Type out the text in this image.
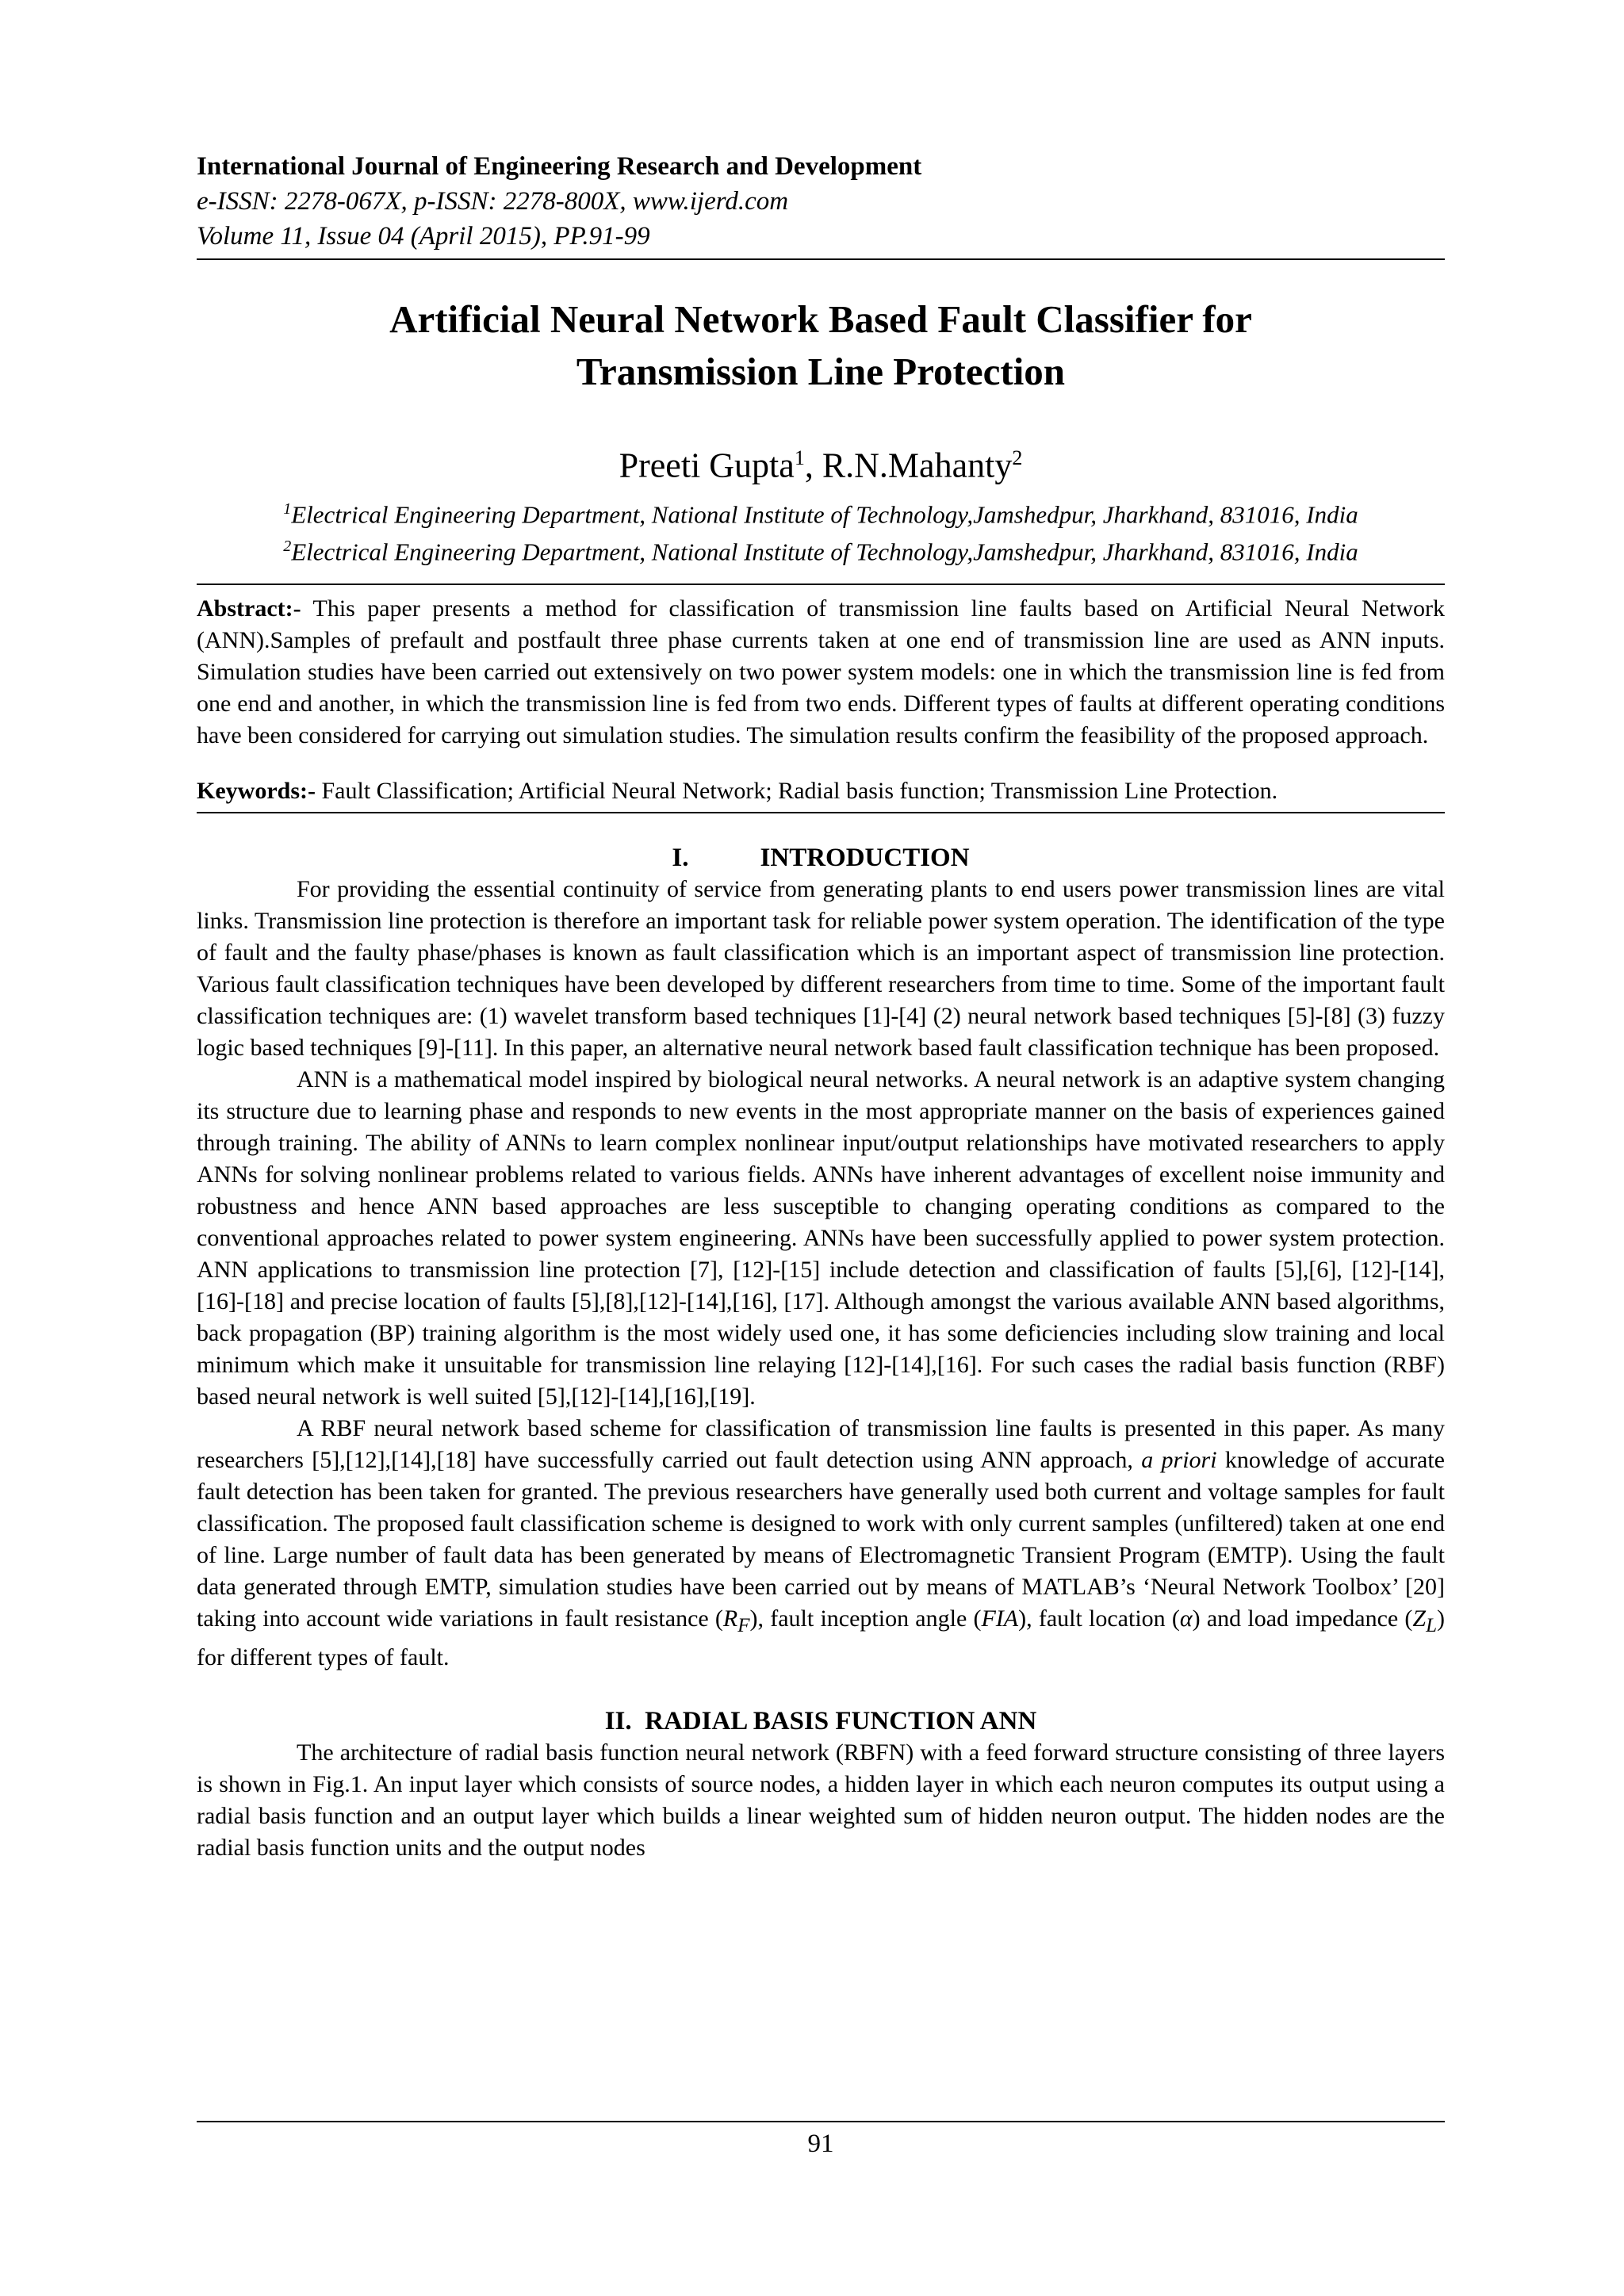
International Journal of Engineering Research and Development
e-ISSN: 2278-067X, p-ISSN: 2278-800X, www.ijerd.com
Volume 11, Issue 04 (April 2015), PP.91-99
Artificial Neural Network Based Fault Classifier for
Transmission Line Protection
Preeti Gupta$^1$, R.N.Mahanty$^2$
$^1$Electrical Engineering Department, National Institute of Technology,Jamshedpur, Jharkhand, 831016, India
$^2$Electrical Engineering Department, National Institute of Technology,Jamshedpur, Jharkhand, 831016, India
Abstract:- This paper presents a method for classification of transmission line faults based on Artificial Neural Network (ANN).Samples of prefault and postfault three phase currents taken at one end of transmission line are used as ANN inputs. Simulation studies have been carried out extensively on two power system models: one in which the transmission line is fed from one end and another, in which the transmission line is fed from two ends. Different types of faults at different operating conditions have been considered for carrying out simulation studies. The simulation results confirm the feasibility of the proposed approach.
Keywords:- Fault Classification; Artificial Neural Network; Radial basis function; Transmission Line Protection.
I.	INTRODUCTION

For providing the essential continuity of service from generating plants to end users power transmission lines are vital links. Transmission line protection is therefore an important task for reliable power system operation. The identification of the type of fault and the faulty phase/phases is known as fault classification which is an important aspect of transmission line protection. Various fault classification techniques have been developed by different researchers from time to time. Some of the important fault classification techniques are: (1) wavelet transform based techniques [1]-[4] (2) neural network based techniques [5]-[8] (3) fuzzy logic based techniques [9]-[11]. In this paper, an alternative neural network based fault classification technique has been proposed.

ANN is a mathematical model inspired by biological neural networks. A neural network is an adaptive system changing its structure due to learning phase and responds to new events in the most appropriate manner on the basis of experiences gained through training. The ability of ANNs to learn complex nonlinear input/output relationships have motivated researchers to apply ANNs for solving nonlinear problems related to various fields. ANNs have inherent advantages of excellent noise immunity and robustness and hence ANN based approaches are less susceptible to changing operating conditions as compared to the conventional approaches related to power system engineering. ANNs have been successfully applied to power system protection. ANN applications to transmission line protection [7], [12]-[15] include detection and classification of faults [5],[6], [12]-[14], [16]-[18] and precise location of faults [5],[8],[12]-[14],[16], [17]. Although amongst the various available ANN based algorithms, back propagation (BP) training algorithm is the most widely used one, it has some deficiencies including slow training and local minimum which make it unsuitable for transmission line relaying [12]-[14],[16]. For such cases the radial basis function (RBF) based neural network is well suited [5],[12]-[14],[16],[19].

A RBF neural network based scheme for classification of transmission line faults is presented in this paper. As many researchers [5],[12],[14],[18] have successfully carried out fault detection using ANN approach, a priori knowledge of accurate fault detection has been taken for granted. The previous researchers have generally used both current and voltage samples for fault classification. The proposed fault classification scheme is designed to work with only current samples (unfiltered) taken at one end of line. Large number of fault data has been generated by means of Electromagnetic Transient Program (EMTP). Using the fault data generated through EMTP, simulation studies have been carried out by means of MATLAB’s ‘Neural Network Toolbox’ [20] taking into account wide variations in fault resistance $(R_F)$, fault inception angle (FIA), fault location (α) and load impedance $(Z_L)$ for different types of fault.

II.  RADIAL BASIS FUNCTION ANN

The architecture of radial basis function neural network (RBFN) with a feed forward structure consisting of three layers is shown in Fig.1. An input layer which consists of source nodes, a hidden layer in which each neuron computes its output using a radial basis function and an output layer which builds a linear weighted sum of hidden neuron output. The hidden nodes are the radial basis function units and the output nodes

91
